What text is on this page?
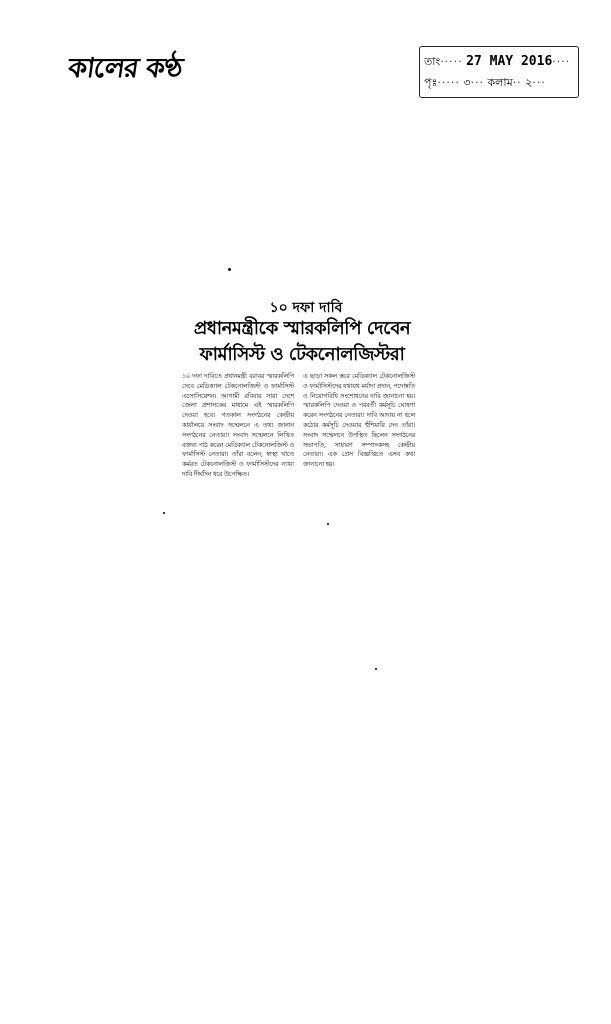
কালের কণ্ঠ	তাং····· 27 MAY 2016····
পৃঃ····· ৩··· কলাম·· ২···
১০ দফা দাবি
প্রধানমন্ত্রীকে স্মারকলিপি দেবেন
ফার্মাসিস্ট ও টেকনোলজিস্টরা

১০ দফা দাবিতে প্রধানমন্ত্রী বরাবর স্মারকলিপি দেবে মেডিক্যাল টেকনোলজিস্ট ও ফার্মাসিস্ট এসোসিয়েশন। আগামী রবিবার সারা দেশে জেলা প্রশাসকের মাধ্যমে এই স্মারকলিপি দেওয়া হবে। গতকাল সংগঠনের কেন্দ্রীয় কার্যালয়ে সংবাদ সম্মেলনে এ তথ্য জানান সংগঠনের নেতারা। সংবাদ সম্মেলনে লিখিত বক্তব্য পাঠ করেন মেডিক্যাল টেকনোলজিস্ট ও ফার্মাসিস্ট নেতারা। তাঁরা বলেন, স্বাস্থ্য খাতে কর্মরত টেকনোলজিস্ট ও ফার্মাসিস্টদের ন্যায্য দাবি দীর্ঘদিন ধরে উপেক্ষিত।

এ ছাড়া সকল স্তরে মেডিক্যাল টেকনোলজিস্ট ও ফার্মাসিস্টদের যথাযথ মর্যাদা প্রদান, পদোন্নতি ও নিয়োগবিধি সংশোধনের দাবি জানানো হয়। স্মারকলিপি দেওয়া ও পরবর্তী কর্মসূচি ঘোষণা করেন সংগঠনের নেতারা। দাবি আদায় না হলে কঠোর কর্মসূচি দেওয়ার হুঁশিয়ারি দেন তাঁরা। সংবাদ সম্মেলনে উপস্থিত ছিলেন সংগঠনের সভাপতি, সাধারণ সম্পাদকসহ কেন্দ্রীয় নেতারা। এক প্রেস বিজ্ঞপ্তিতে এসব কথা জানানো হয়।
